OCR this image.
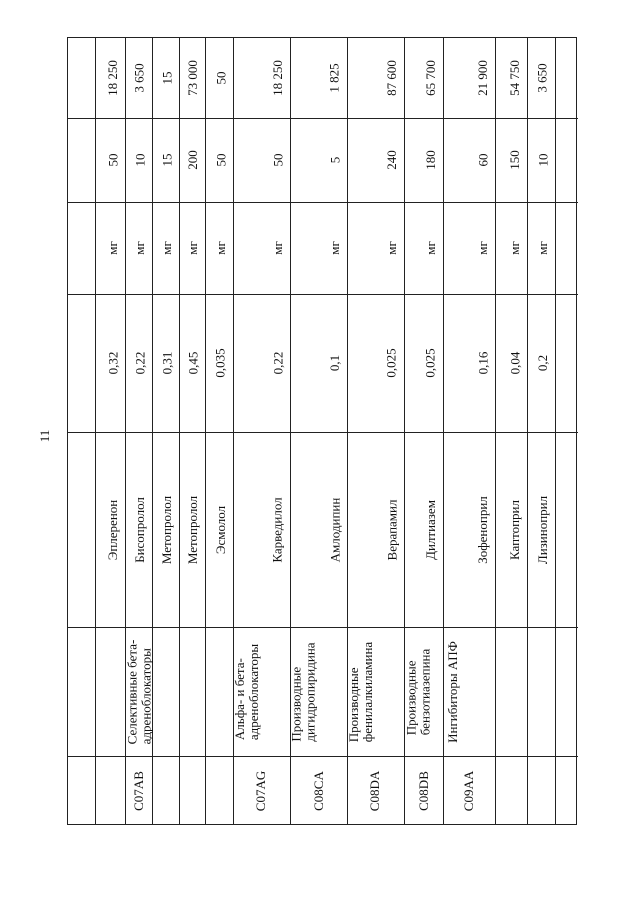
11
18 250
50
мг
0,32
Эплеренон
3 650
10
мг
0,22
Бисопролол
Селективные бета-
адреноблокаторы
C07AB
15
15
мг
0,31
Метопролол
73 000
200
мг
0,45
Метопролол
50
50
мг
0,035
Эсмолол
18 250
50
мг
0,22
Карведилол
Альфа- и бета-
адреноблокаторы
C07AG
1 825
5
мг
0,1
Амлодипин
Производные
дигидропиридина
C08CA
87 600
240
мг
0,025
Верапамил
Производные
фенилалкиламина
C08DA
65 700
180
мг
0,025
Дилтиазем
Производные
бензотиазепина
C08DB
21 900
60
мг
0,16
Зофеноприл
Ингибиторы АПФ
C09AA
54 750
150
мг
0,04
Каптоприл
3 650
10
мг
0,2
Лизиноприл
